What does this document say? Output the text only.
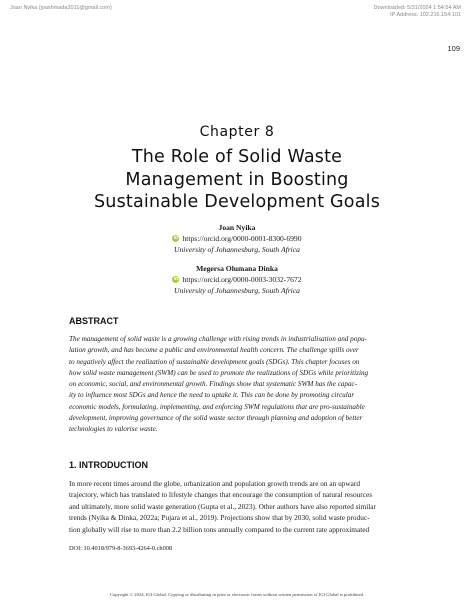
Joan Nyika (joashmada2011@gmail.com)	Downloaded: 5/31/2024 1:54:54 AM
IP Address: 102.216.154.101
109
Chapter 8
The Role of Solid Waste
Management in Boosting
Sustainable Development Goals
Joan Nyika
iD https://orcid.org/0000-0001-8300-6990
University of Johannesburg, South Africa
Megersa Olumana Dinka
iD https://orcid.org/0000-0003-3032-7672
University of Johannesburg, South Africa
ABSTRACT
The management of solid waste is a growing challenge with rising trends in industrialisation and popu-
lation growth, and has become a public and environmental health concern. The challenge spills over
to negatively affect the realization of sustainable development goals (SDGs). This chapter focuses on
how solid waste management (SWM) can be used to promote the realizations of SDGs while prioritizing
on economic, social, and environmental growth. Findings show that systematic SWM has the capac-
ity to influence most SDGs and hence the need to uptake it. This can be done by promoting circular
economic models, formulating, implementing, and enforcing SWM regulations that are pro-sustainable
development, improving governance of the solid waste sector through planning and adoption of better
technologies to valorise waste.
1. INTRODUCTION
In more recent times around the globe, urbanization and population growth trends are on an upward
trajectory, which has translated to lifestyle changes that encourage the consumption of natural resources
and ultimately, more solid waste generation (Gupta et al., 2023). Other authors have also reported similar
trends (Nyika & Dinka, 2022a; Pujara et al., 2019). Projections show that by 2030, solid waste produc-
tion globally will rise to more than 2.2 billion tons annually compared to the current rate approximated
DOI: 10.4018/979-8-3693-4264-0.ch008
Copyright © 2024, IGI Global. Copying or distributing in print or electronic forms without written permission of IGI Global is prohibited.
